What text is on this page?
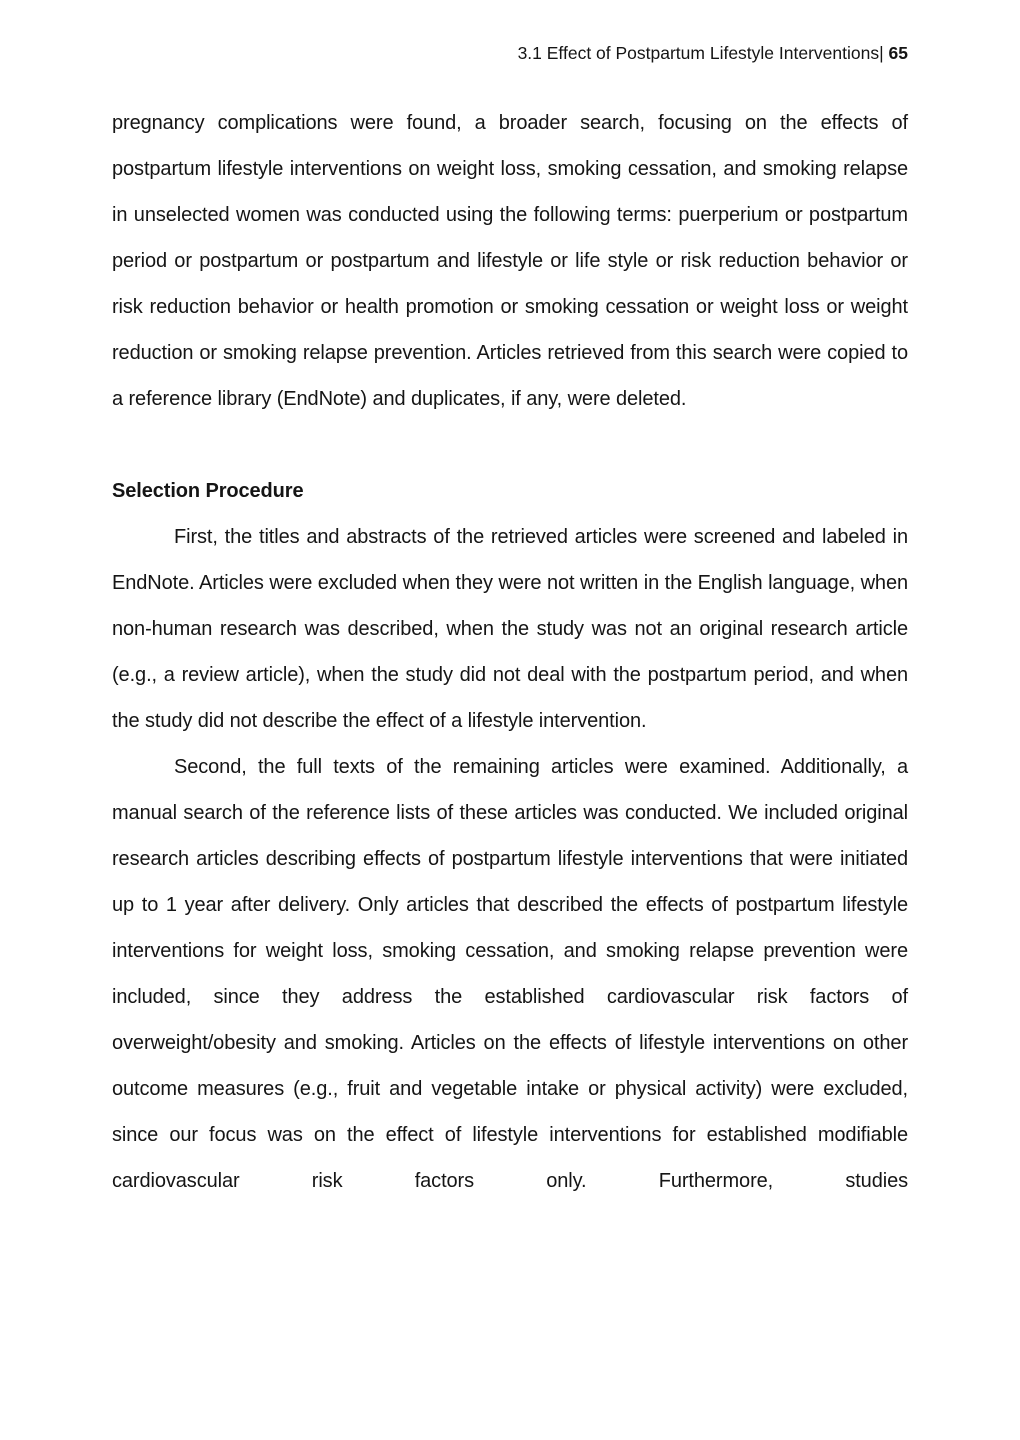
3.1 Effect of Postpartum Lifestyle Interventions| 65

pregnancy complications were found, a broader search, focusing on the effects of postpartum lifestyle interventions on weight loss, smoking cessation, and smoking relapse in unselected women was conducted using the following terms: puerperium or postpartum period or postpartum or postpartum and lifestyle or life style or risk reduction behavior or risk reduction behavior or health promotion or smoking cessation or weight loss or weight reduction or smoking relapse prevention. Articles retrieved from this search were copied to a reference library (EndNote) and duplicates, if any, were deleted.

Selection Procedure

First, the titles and abstracts of the retrieved articles were screened and labeled in EndNote. Articles were excluded when they were not written in the English language, when non-human research was described, when the study was not an original research article (e.g., a review article), when the study did not deal with the postpartum period, and when the study did not describe the effect of a lifestyle intervention.

Second, the full texts of the remaining articles were examined. Additionally, a manual search of the reference lists of these articles was conducted. We included original research articles describing effects of postpartum lifestyle interventions that were initiated up to 1 year after delivery. Only articles that described the effects of postpartum lifestyle interventions for weight loss, smoking cessation, and smoking relapse prevention were included, since they address the established cardiovascular risk factors of overweight/obesity and smoking. Articles on the effects of lifestyle interventions on other outcome measures (e.g., fruit and vegetable intake or physical activity) were excluded, since our focus was on the effect of lifestyle interventions for established modifiable cardiovascular risk factors only. Furthermore, studies
